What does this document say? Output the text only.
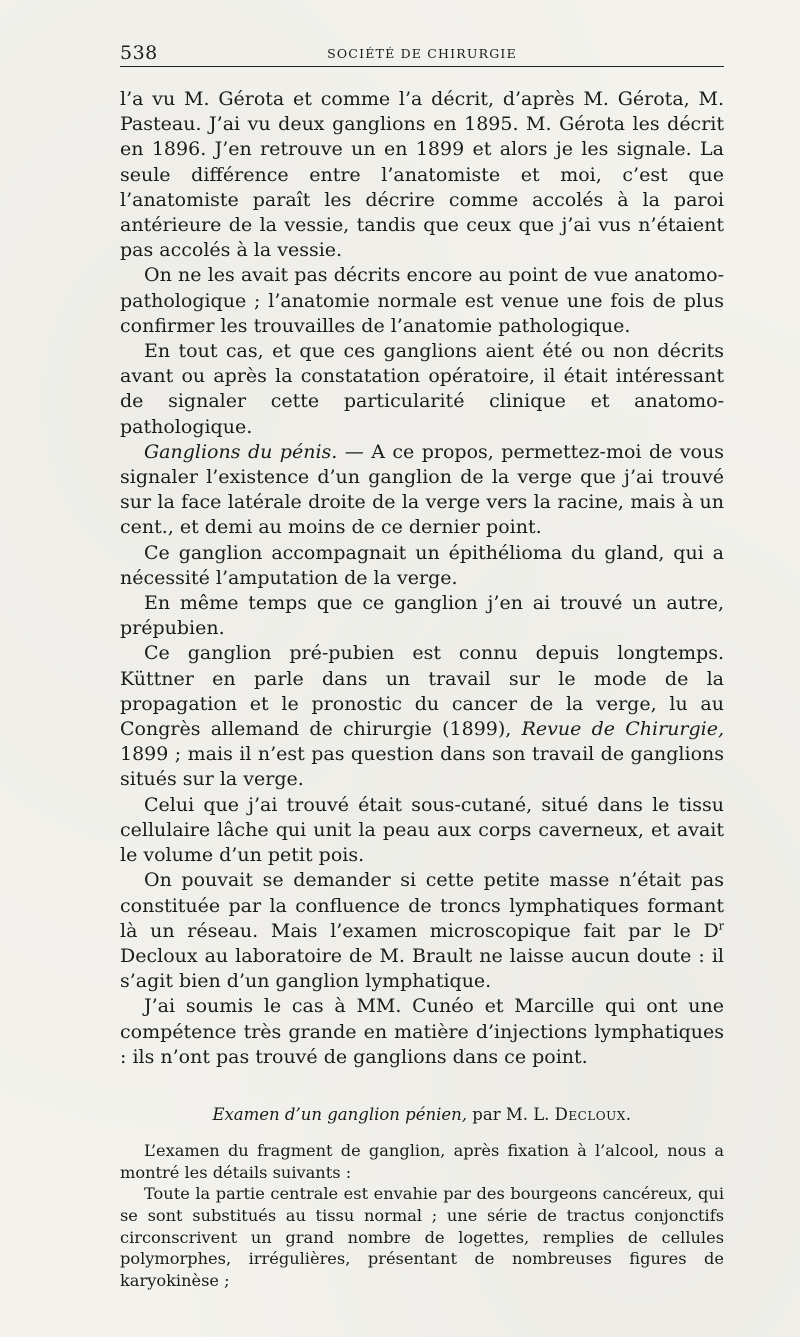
538	SOCIÉTÉ DE CHIRURGIE

l’a vu M. Gérota et comme l’a décrit, d’après M. Gérota, M. Pasteau. J’ai vu deux ganglions en 1895. M. Gérota les décrit en 1896. J’en retrouve un en 1899 et alors je les signale. La seule différence entre l’anatomiste et moi, c’est que l’anatomiste paraît les décrire comme accolés à la paroi antérieure de la vessie, tandis que ceux que j’ai vus n’étaient pas accolés à la vessie.

On ne les avait pas décrits encore au point de vue anatomo-pathologique ; l’anatomie normale est venue une fois de plus confirmer les trouvailles de l’anatomie pathologique.

En tout cas, et que ces ganglions aient été ou non décrits avant ou après la constatation opératoire, il était intéressant de signaler cette particularité clinique et anatomo-pathologique.

Ganglions du pénis. — A ce propos, permettez-moi de vous signaler l’existence d’un ganglion de la verge que j’ai trouvé sur la face latérale droite de la verge vers la racine, mais à un cent., et demi au moins de ce dernier point.

Ce ganglion accompagnait un épithélioma du gland, qui a nécessité l’amputation de la verge.

En même temps que ce ganglion j’en ai trouvé un autre, prépubien.

Ce ganglion pré-pubien est connu depuis longtemps. Küttner en parle dans un travail sur le mode de la propagation et le pronostic du cancer de la verge, lu au Congrès allemand de chirurgie (1899), Revue de Chirurgie, 1899 ; mais il n’est pas question dans son travail de ganglions situés sur la verge.

Celui que j’ai trouvé était sous-cutané, situé dans le tissu cellulaire lâche qui unit la peau aux corps caverneux, et avait le volume d’un petit pois.

On pouvait se demander si cette petite masse n’était pas constituée par la confluence de troncs lymphatiques formant là un réseau. Mais l’examen microscopique fait par le $D^r$ Decloux au laboratoire de M. Brault ne laisse aucun doute : il s’agit bien d’un ganglion lymphatique.

J’ai soumis le cas à MM. Cunéo et Marcille qui ont une compétence très grande en matière d’injections lymphatiques : ils n’ont pas trouvé de ganglions dans ce point.

Examen d’un ganglion pénien, par M. L. Decloux.

L’examen du fragment de ganglion, après fixation à l’alcool, nous a montré les détails suivants :

Toute la partie centrale est envahie par des bourgeons cancéreux, qui se sont substitués au tissu normal ; une série de tractus conjonctifs circonscrivent un grand nombre de logettes, remplies de cellules polymorphes, irrégulières, présentant de nombreuses figures de karyokinèse ;
